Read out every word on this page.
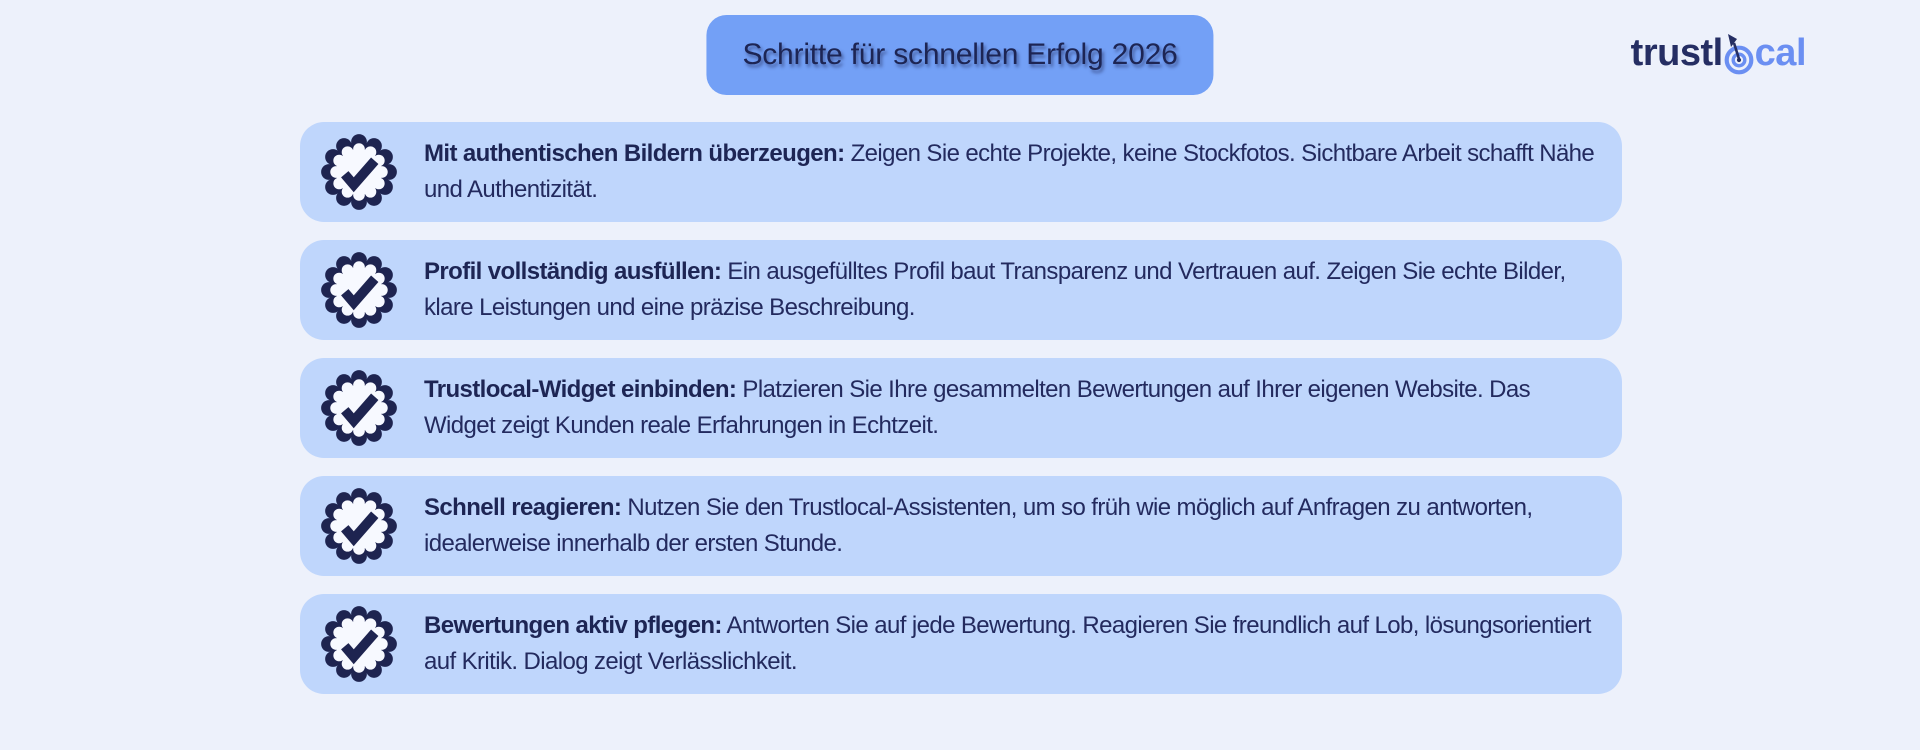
Schritte für schnellen Erfolg 2026	trustl cal

Mit authentischen Bildern überzeugen: Zeigen Sie echte Projekte, keine Stockfotos. Sichtbare Arbeit schafft Nähe und Authentizität.

Profil vollständig ausfüllen: Ein ausgefülltes Profil baut Transparenz und Vertrauen auf. Zeigen Sie echte Bilder, klare Leistungen und eine präzise Beschreibung.

Trustlocal-Widget einbinden: Platzieren Sie Ihre gesammelten Bewertungen auf Ihrer eigenen Website. Das Widget zeigt Kunden reale Erfahrungen in Echtzeit.

Schnell reagieren: Nutzen Sie den Trustlocal-Assistenten, um so früh wie möglich auf Anfragen zu antworten, idealerweise innerhalb der ersten Stunde.

Bewertungen aktiv pflegen: Antworten Sie auf jede Bewertung. Reagieren Sie freundlich auf Lob, lösungsorientiert auf Kritik. Dialog zeigt Verlässlichkeit.
